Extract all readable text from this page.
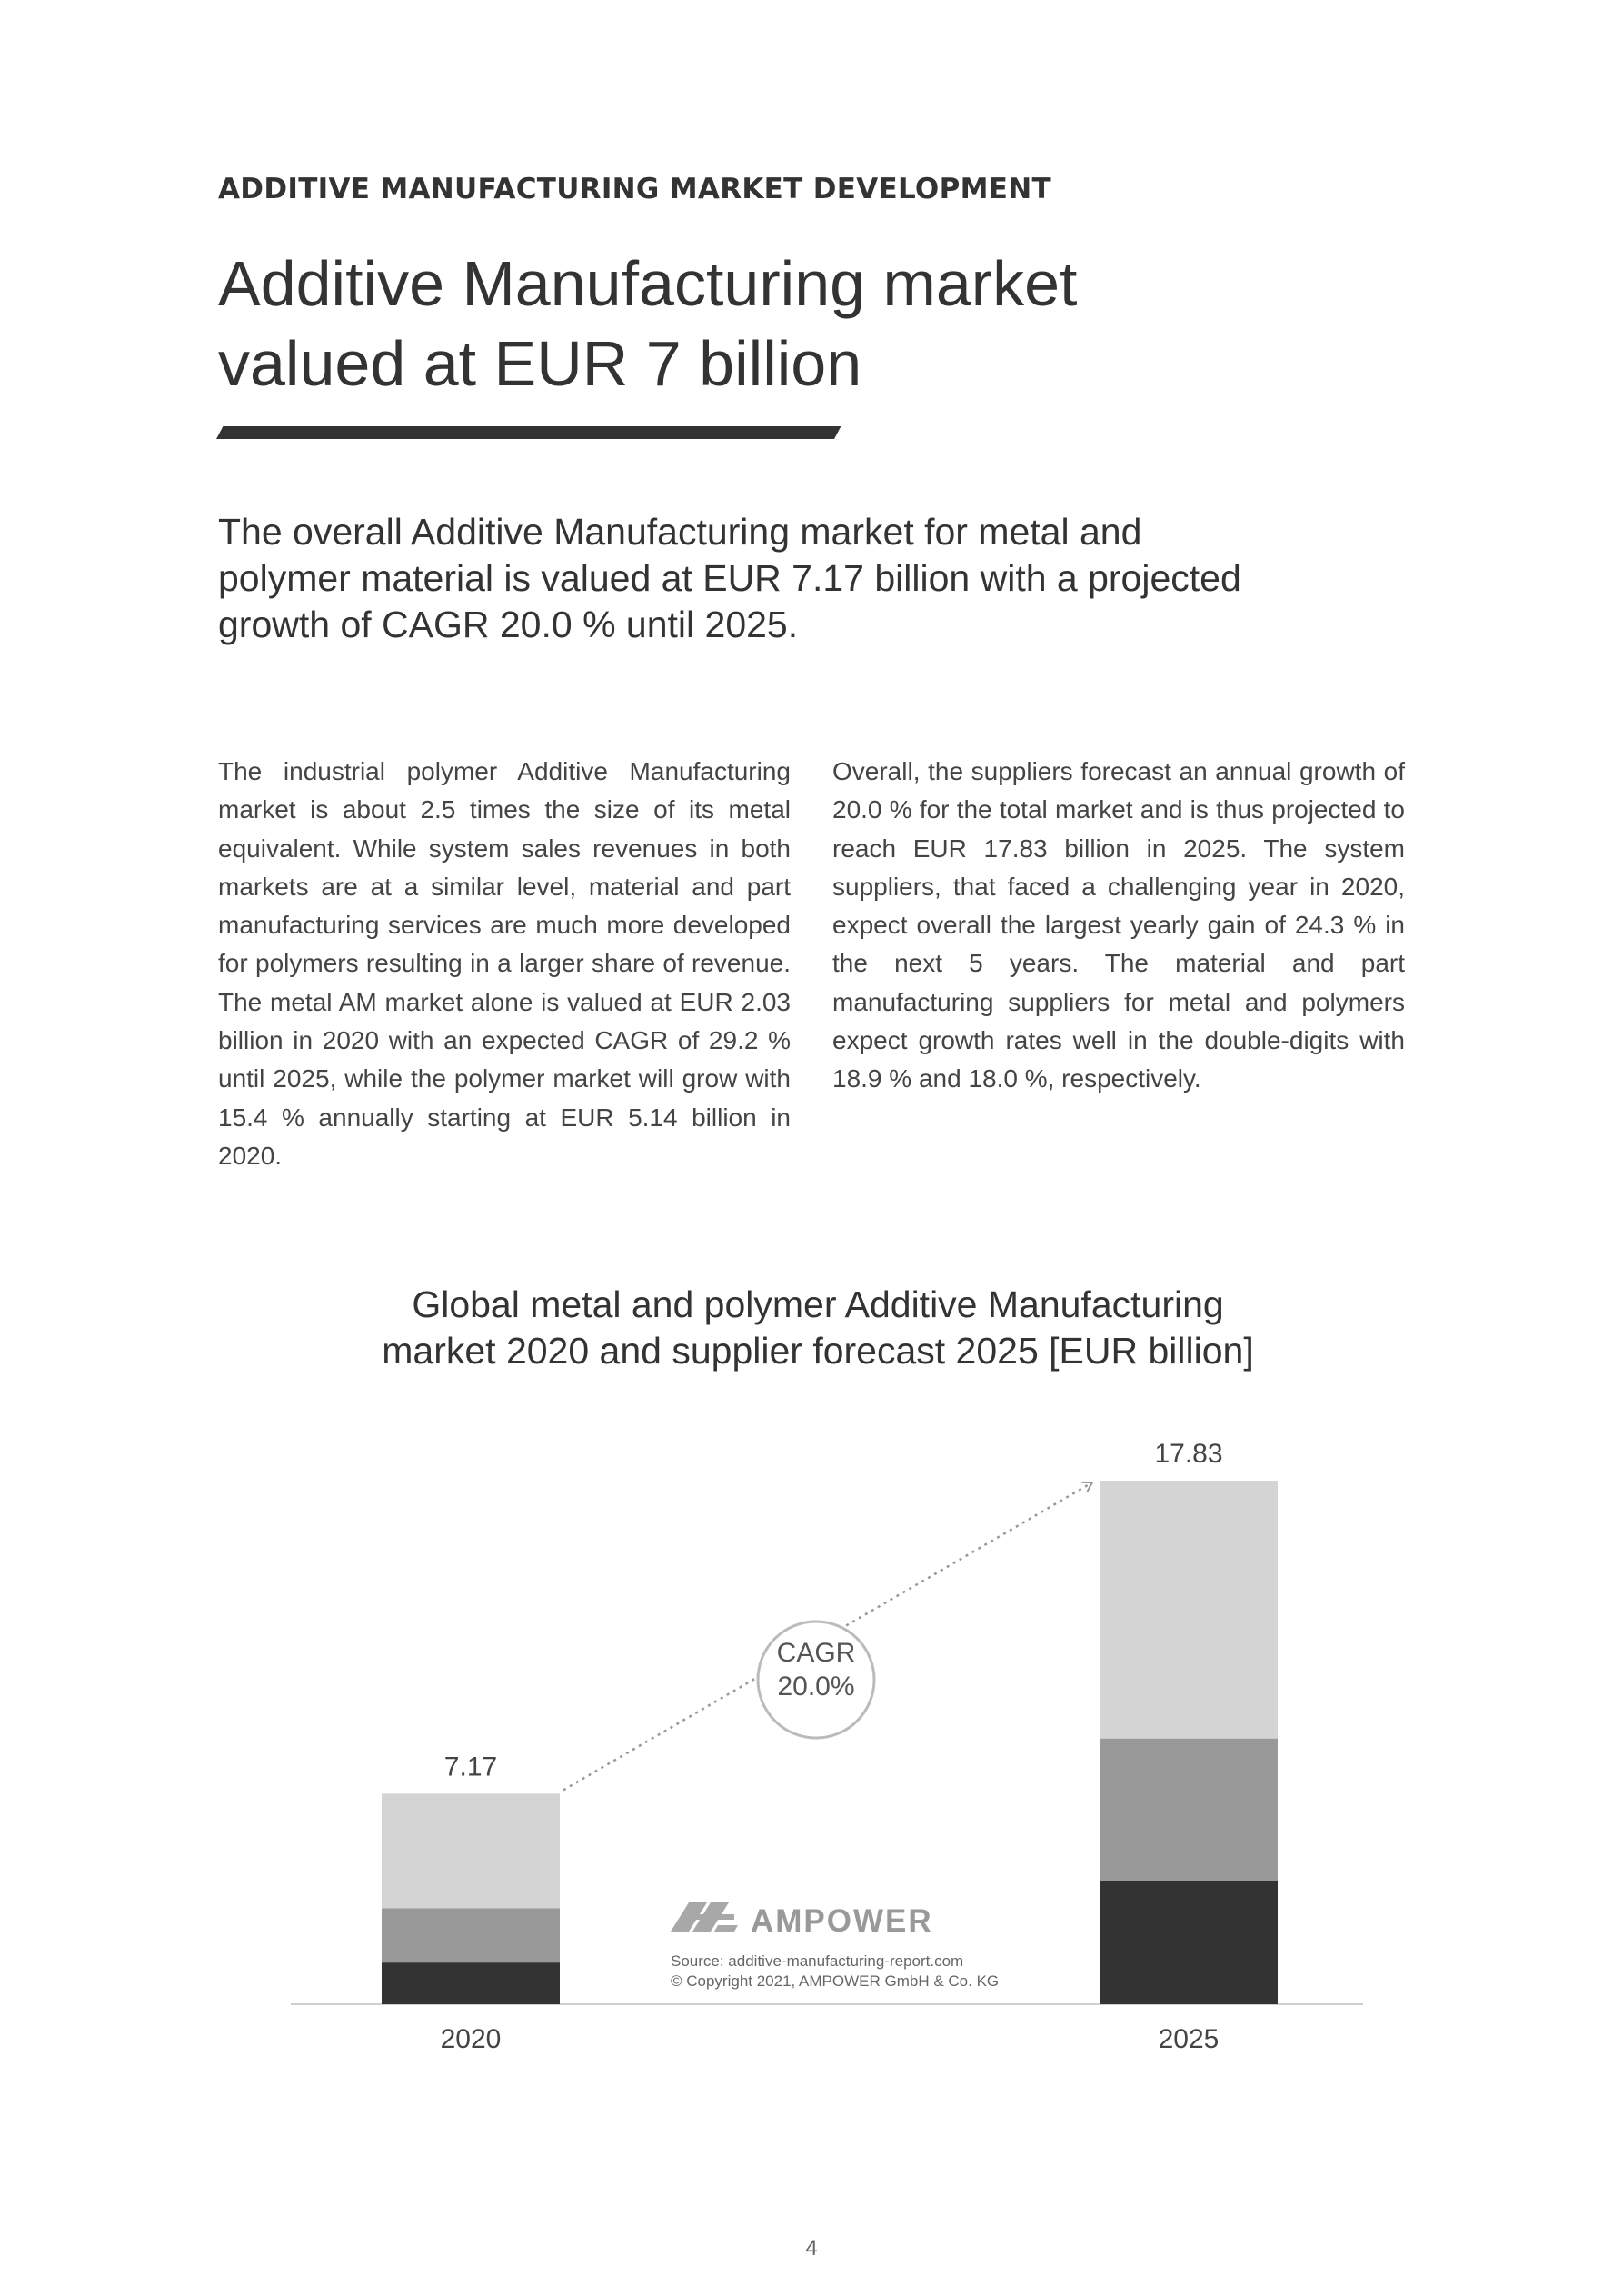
ADDITIVE MANUFACTURING MARKET DEVELOPMENT
Additive Manufacturing market
valued at EUR 7 billion
The overall Additive Manufacturing market for metal and
polymer material is valued at EUR 7.17 billion with a projected
growth of CAGR 20.0 % until 2025.
The industrial polymer Additive Manufacturing market is about 2.5 times the size of its metal equivalent. While system sales revenues in both markets are at a similar level, material and part manufacturing services are much more developed for polymers resulting in a larger share of revenue. The metal AM market alone is valued at EUR 2.03 billion in 2020 with an expected CAGR of 29.2 % until 2025, while the polymer market will grow with 15.4 % annually starting at EUR 5.14 billion in 2020.
Overall, the suppliers forecast an annual growth of 20.0 % for the total market and is thus projected to reach EUR 17.83 billion in 2025. The system suppliers, that faced a challenging year in 2020, expect overall the largest yearly gain of 24.3 % in the next 5 years. The material and part manufacturing suppliers for metal and polymers expect growth rates well in the double-digits with 18.9 % and 18.0 %, respectively.
Global metal and polymer Additive Manufacturing
market 2020 and supplier forecast 2025 [EUR billion]
7.17
2020
17.83
2025
CAGR
20.0%
AMPOWER
Source: additive-manufacturing-report.com
© Copyright 2021, AMPOWER GmbH & Co. KG
4
